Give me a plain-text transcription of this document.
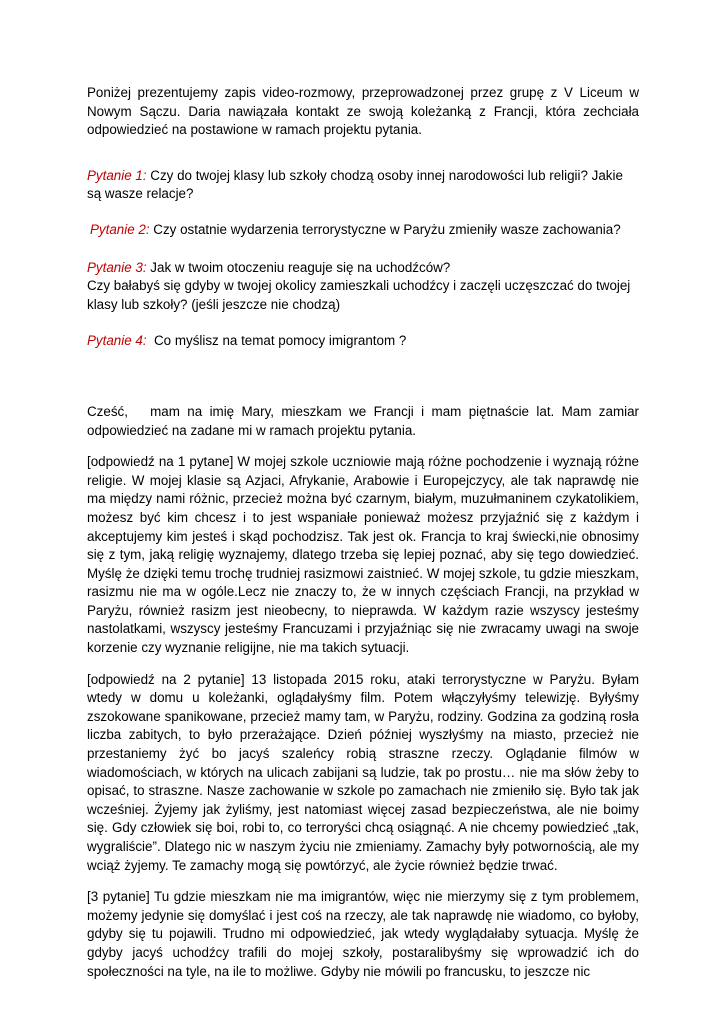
Poniżej prezentujemy zapis video-rozmowy, przeprowadzonej przez grupę z V Liceum w Nowym Sączu. Daria nawiązała kontakt ze swoją koleżanką z Francji, która zechciała odpowiedzieć na postawione w ramach projektu pytania.

Pytanie 1: Czy do twojej klasy lub szkoły chodzą osoby innej narodowości lub religii? Jakie są wasze relacje?

Pytanie 2: Czy ostatnie wydarzenia terrorystyczne w Paryżu zmieniły wasze zachowania?

Pytanie 3: Jak w twoim otoczeniu reaguje się na uchodźców?
Czy bałabyś się gdyby w twojej okolicy zamieszkali uchodźcy i zaczęli uczęszczać do twojej klasy lub szkoły? (jeśli jeszcze nie chodzą)

Pytanie 4: Co myślisz na temat pomocy imigrantom ?

Cześć,   mam na imię Mary, mieszkam we Francji i mam piętnaście lat. Mam zamiar odpowiedzieć na zadane mi w ramach projektu pytania.

[odpowiedź na 1 pytane] W mojej szkole uczniowie mają różne pochodzenie i wyznają różne religie. W mojej klasie są Azjaci, Afrykanie, Arabowie i Europejczycy, ale tak naprawdę nie ma między nami różnic, przecież można być czarnym, białym, muzułmaninem czykatolikiem, możesz być kim chcesz i to jest wspaniałe ponieważ możesz przyjaźnić się z każdym i akceptujemy kim jesteś i skąd pochodzisz. Tak jest ok. Francja to kraj świecki,nie obnosimy się z tym, jaką religię wyznajemy, dlatego trzeba się lepiej poznać, aby się tego dowiedzieć. Myślę że dzięki temu trochę trudniej rasizmowi zaistnieć. W mojej szkole, tu gdzie mieszkam, rasizmu nie ma w ogóle.Lecz nie znaczy to, że w innych częściach Francji, na przykład w Paryżu, również rasizm jest nieobecny, to nieprawda. W każdym razie wszyscy jesteśmy nastolatkami, wszyscy jesteśmy Francuzami i przyjaźniąc się nie zwracamy uwagi na swoje korzenie czy wyznanie religijne, nie ma takich sytuacji.

[odpowiedź na 2 pytanie] 13 listopada 2015 roku, ataki terrorystyczne w Paryżu. Byłam wtedy w domu u koleżanki, oglądałyśmy film. Potem włączyłyśmy telewizję. Byłyśmy zszokowane spanikowane, przecież mamy tam, w Paryżu, rodziny. Godzina za godziną rosła liczba zabitych, to było przerażające. Dzień później wyszłyśmy na miasto, przecież nie przestaniemy żyć bo jacyś szaleńcy robią straszne rzeczy. Oglądanie filmów w wiadomościach, w których na ulicach zabijani są ludzie, tak po prostu… nie ma słów żeby to opisać, to straszne. Nasze zachowanie w szkole po zamachach nie zmieniło się. Było tak jak wcześniej. Żyjemy jak żyliśmy, jest natomiast więcej zasad bezpieczeństwa, ale nie boimy się. Gdy człowiek się boi, robi to, co terroryści chcą osiągnąć. A nie chcemy powiedzieć „tak, wygraliście”. Dlatego nic w naszym życiu nie zmieniamy. Zamachy były potwornością, ale my wciąż żyjemy. Te zamachy mogą się powtórzyć, ale życie również będzie trwać.

[3 pytanie] Tu gdzie mieszkam nie ma imigrantów, więc nie mierzymy się z tym problemem, możemy jedynie się domyślać i jest coś na rzeczy, ale tak naprawdę nie wiadomo, co byłoby, gdyby się tu pojawili. Trudno mi odpowiedzieć, jak wtedy wyglądałaby sytuacja. Myślę że gdyby jacyś uchodźcy trafili do mojej szkoły, postaralibyśmy się wprowadzić ich do społeczności na tyle, na ile to możliwe. Gdyby nie mówili po francusku, to jeszcze nic
